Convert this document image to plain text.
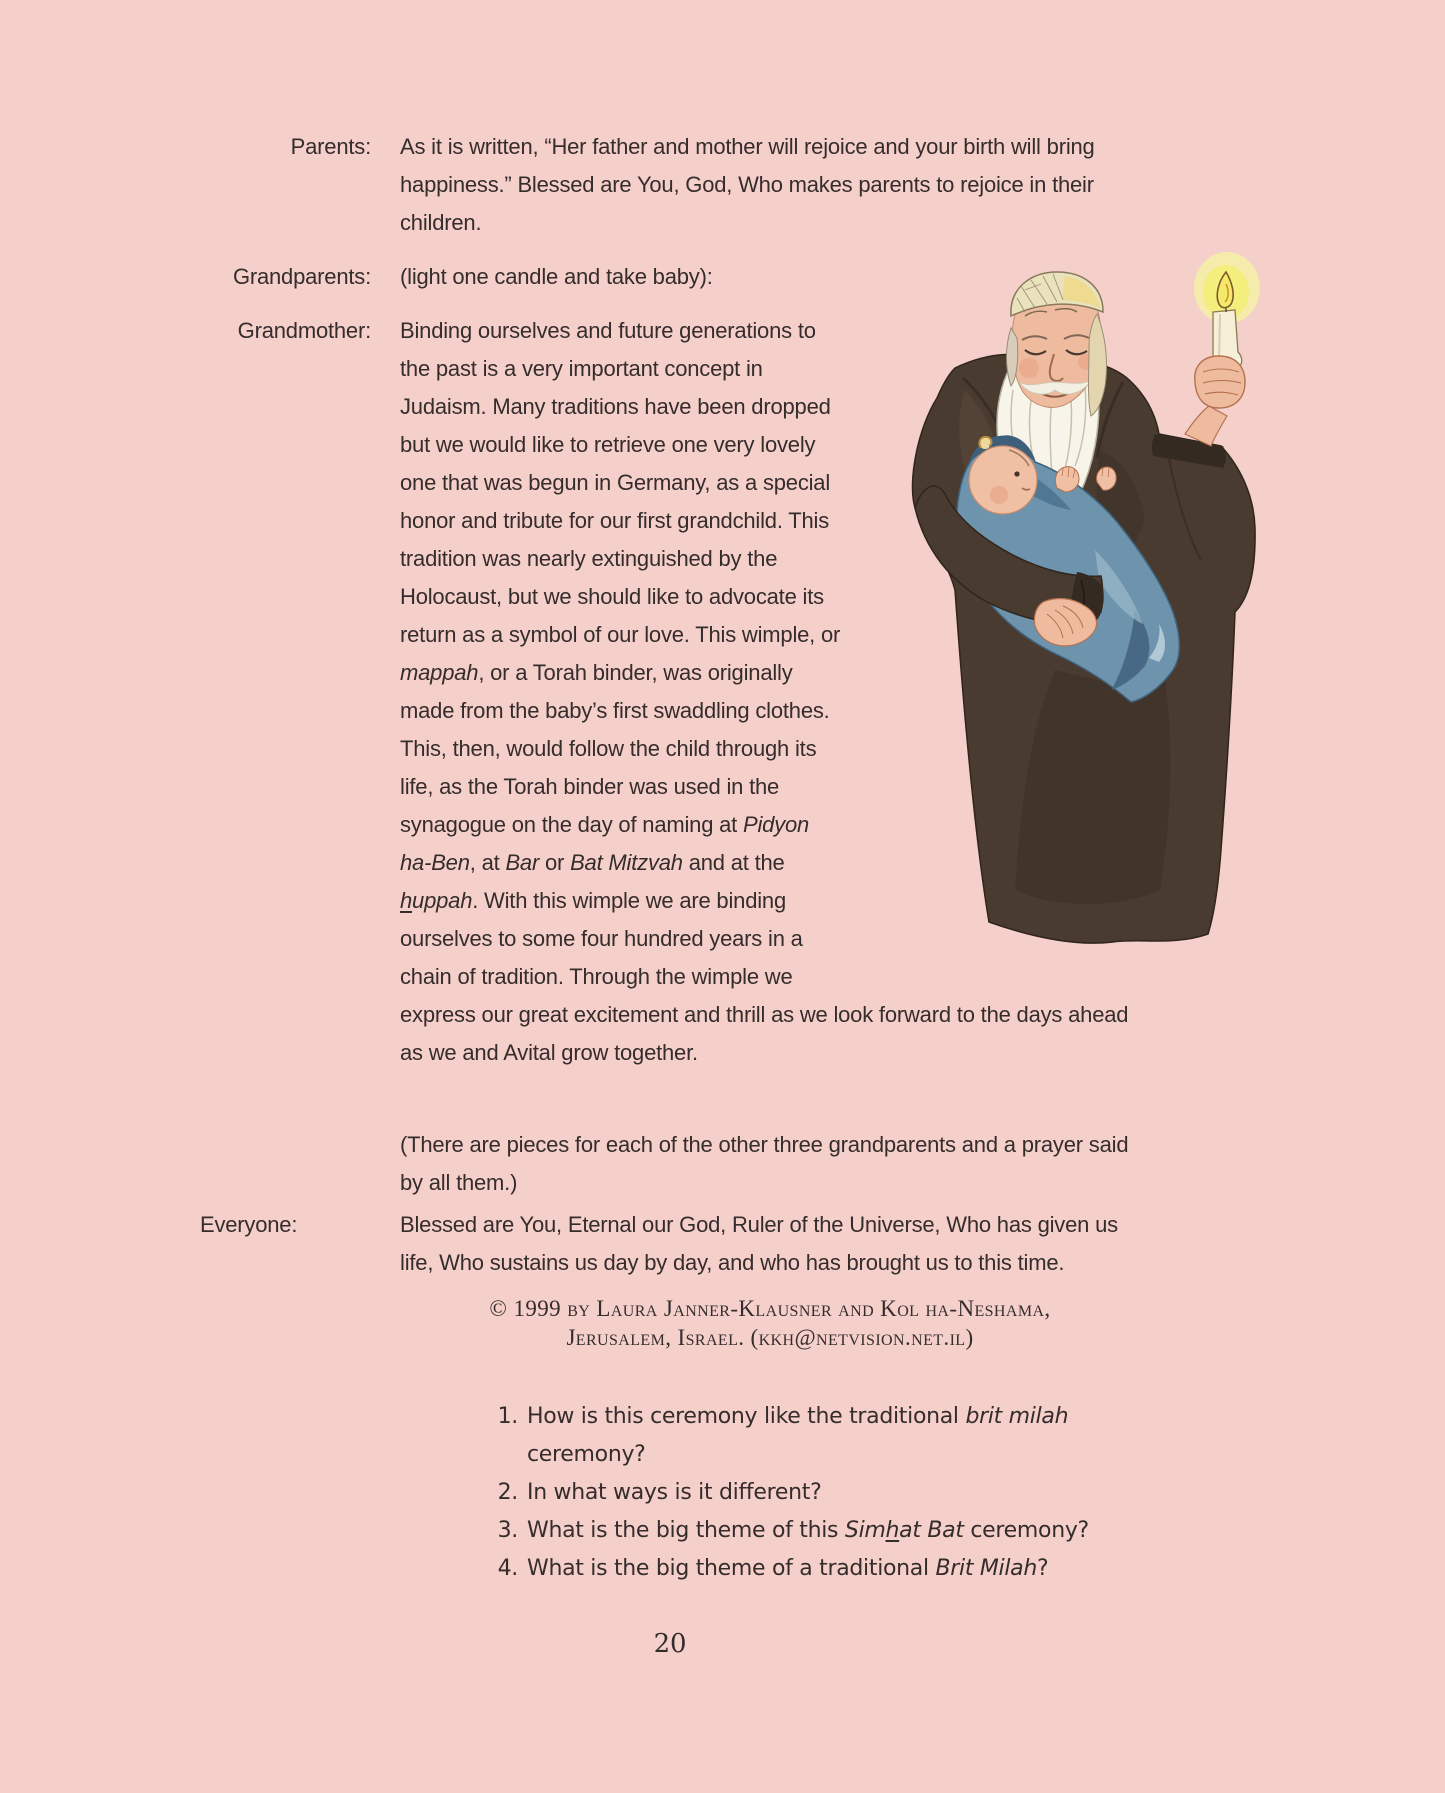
Parents:	As it is written, “Her father and mother will rejoice and your birth will bring happiness.” Blessed are You, God, Who makes parents to rejoice in their children.
Grandparents:	(light one candle and take baby):
Grandmother:	Binding ourselves and future generations to the past is a very important concept in Judaism. Many traditions have been dropped but we would like to retrieve one very lovely one that was begun in Germany, as a special honor and tribute for our first grandchild. This tradition was nearly extinguished by the Holocaust, but we should like to advocate its return as a symbol of our love. This wimple, or mappah, or a Torah binder, was originally made from the baby’s first swaddling clothes. This, then, would follow the child through its life, as the Torah binder was used in the synagogue on the day of naming at Pidyon ha-Ben, at Bar or Bat Mitzvah and at the huppah. With this wimple we are binding ourselves to some four hundred years in a chain of tradition. Through the wimple we express our great excitement and thrill as we look forward to the days ahead as we and Avital grow together.
(There are pieces for each of the other three grandparents and a prayer said by all them.)
Everyone:	Blessed are You, Eternal our God, Ruler of the Universe, Who has given us life, Who sustains us day by day, and who has brought us to this time.
© 1999 by Laura Janner-Klausner and Kol ha-Neshama,
Jerusalem, Israel. (kkh@netvision.net.il)
1. How is this ceremony like the traditional brit milah ceremony?
2. In what ways is it different?
3. What is the big theme of this Simhat Bat ceremony?
4. What is the big theme of a traditional Brit Milah?
20
